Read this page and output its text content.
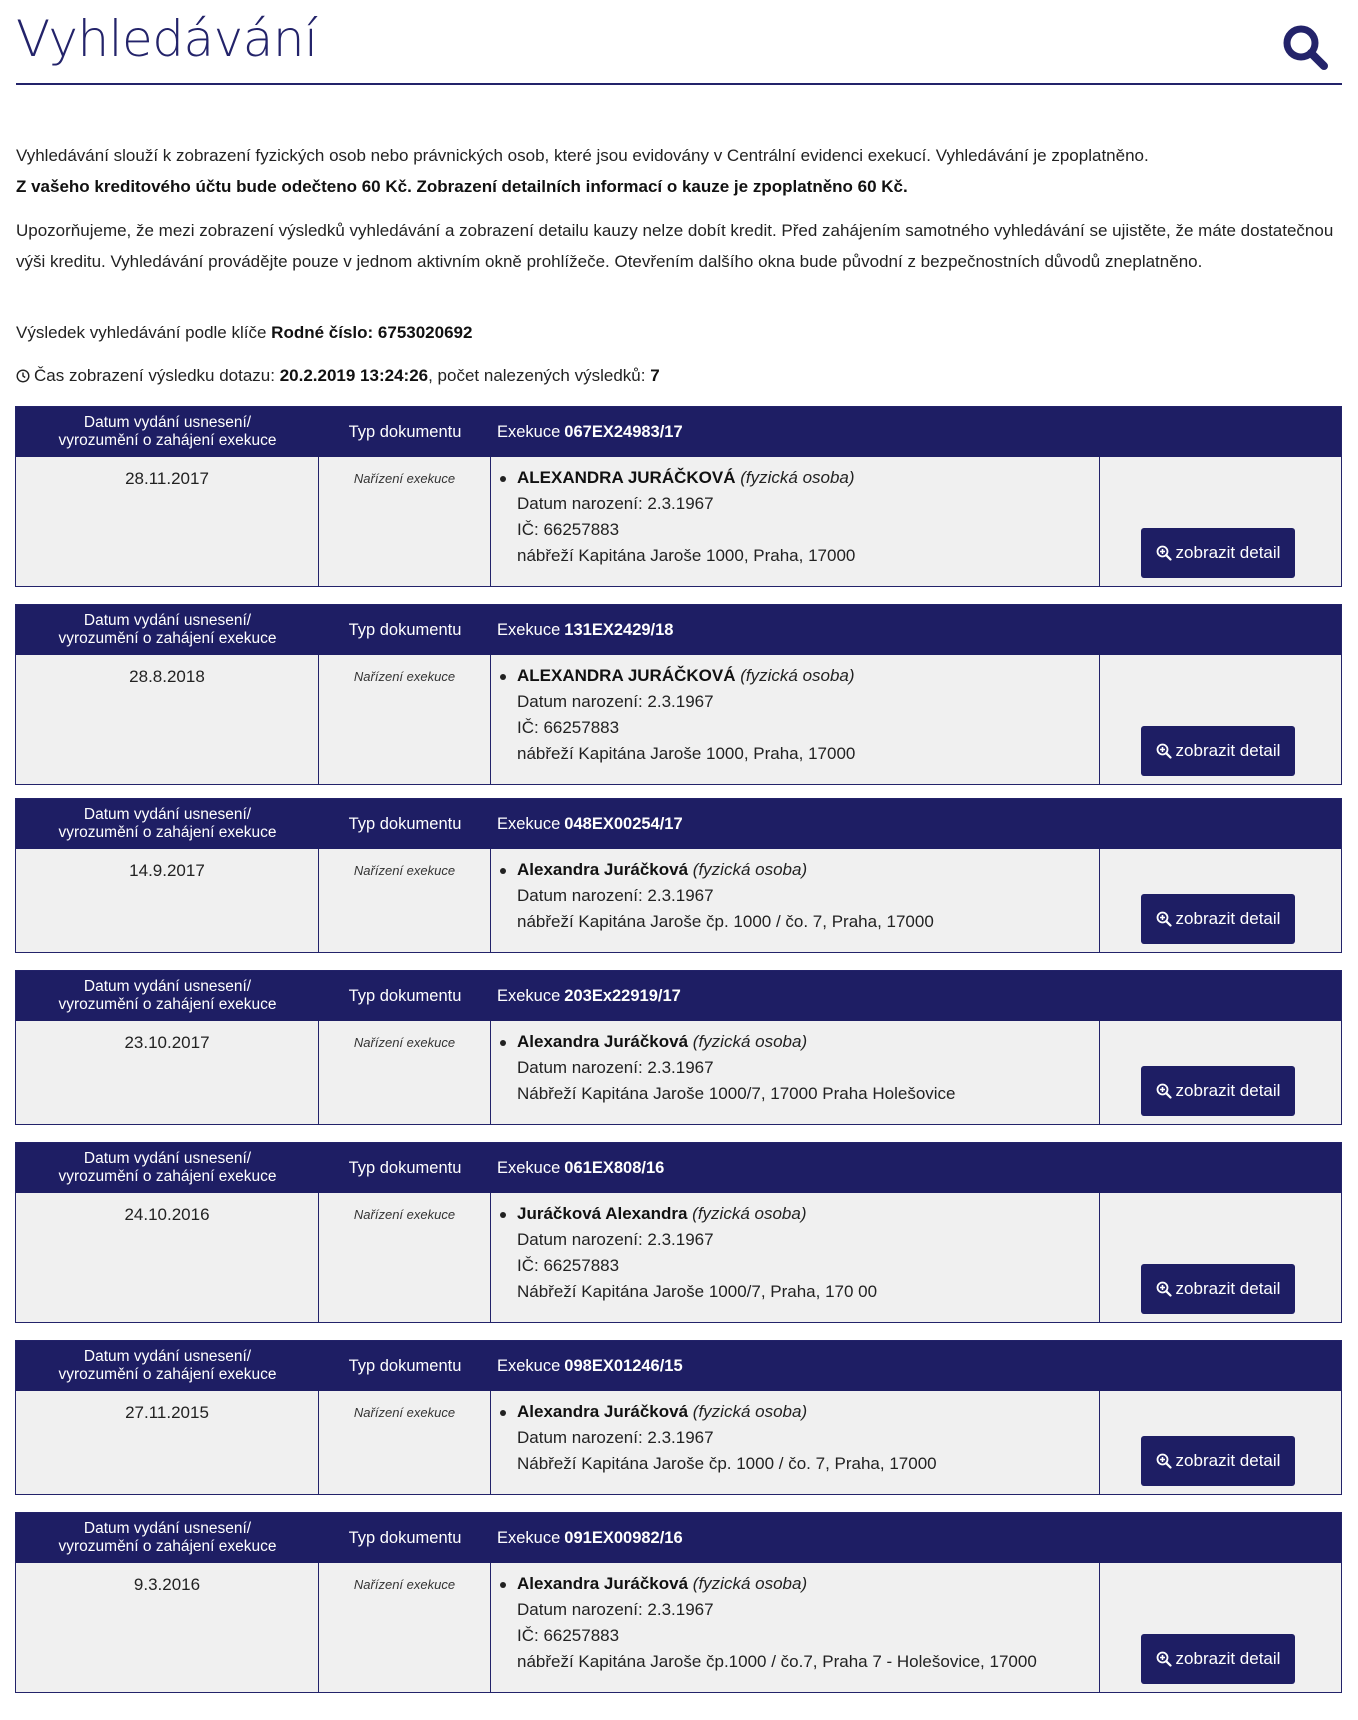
Vyhledávání

Vyhledávání slouží k zobrazení fyzických osob nebo právnických osob, které jsou evidovány v Centrální evidenci exekucí. Vyhledávání je zpoplatněno.
Z vašeho kreditového účtu bude odečteno 60 Kč. Zobrazení detailních informací o kauze je zpoplatněno 60 Kč.

Upozorňujeme, že mezi zobrazení výsledků vyhledávání a zobrazení detailu kauzy nelze dobít kredit. Před zahájením samotného vyhledávání se ujistěte, že máte dostatečnou výši kreditu. Vyhledávání provádějte pouze v jednom aktivním okně prohlížeče. Otevřením dalšího okna bude původní z bezpečnostních důvodů zneplatněno.

Výsledek vyhledávání podle klíče Rodné číslo: 6753020692
Čas zobrazení výsledku dotazu: 20.2.2019 13:24:26, počet nalezených výsledků: 7
Datum vydání usnesení/
vyrozumění o zahájení exekuce	Typ dokumentu	Exekuce 067EX24983/17
28.11.2017	Nařízení exekuce	ALEXANDRA JURÁČKOVÁ (fyzická osoba)
Datum narození: 2.3.1967
IČ: 66257883
nábřeží Kapitána Jaroše 1000, Praha, 17000	zobrazit detail
Datum vydání usnesení/
vyrozumění o zahájení exekuce	Typ dokumentu	Exekuce 131EX2429/18
28.8.2018	Nařízení exekuce	ALEXANDRA JURÁČKOVÁ (fyzická osoba)
Datum narození: 2.3.1967
IČ: 66257883
nábřeží Kapitána Jaroše 1000, Praha, 17000	zobrazit detail
Datum vydání usnesení/
vyrozumění o zahájení exekuce	Typ dokumentu	Exekuce 048EX00254/17
14.9.2017	Nařízení exekuce	Alexandra Juráčková (fyzická osoba)
Datum narození: 2.3.1967
nábřeží Kapitána Jaroše čp. 1000 / čo. 7, Praha, 17000	zobrazit detail
Datum vydání usnesení/
vyrozumění o zahájení exekuce	Typ dokumentu	Exekuce 203Ex22919/17
23.10.2017	Nařízení exekuce	Alexandra Juráčková (fyzická osoba)
Datum narození: 2.3.1967
Nábřeží Kapitána Jaroše 1000/7, 17000 Praha Holešovice	zobrazit detail
Datum vydání usnesení/
vyrozumění o zahájení exekuce	Typ dokumentu	Exekuce 061EX808/16
24.10.2016	Nařízení exekuce	Juráčková Alexandra (fyzická osoba)
Datum narození: 2.3.1967
IČ: 66257883
Nábřeží Kapitána Jaroše 1000/7, Praha, 170 00	zobrazit detail
Datum vydání usnesení/
vyrozumění o zahájení exekuce	Typ dokumentu	Exekuce 098EX01246/15
27.11.2015	Nařízení exekuce	Alexandra Juráčková (fyzická osoba)
Datum narození: 2.3.1967
Nábřeží Kapitána Jaroše čp. 1000 / čo. 7, Praha, 17000	zobrazit detail
Datum vydání usnesení/
vyrozumění o zahájení exekuce	Typ dokumentu	Exekuce 091EX00982/16
9.3.2016	Nařízení exekuce	Alexandra Juráčková (fyzická osoba)
Datum narození: 2.3.1967
IČ: 66257883
nábřeží Kapitána Jaroše čp.1000 / čo.7, Praha 7 - Holešovice, 17000	zobrazit detail
